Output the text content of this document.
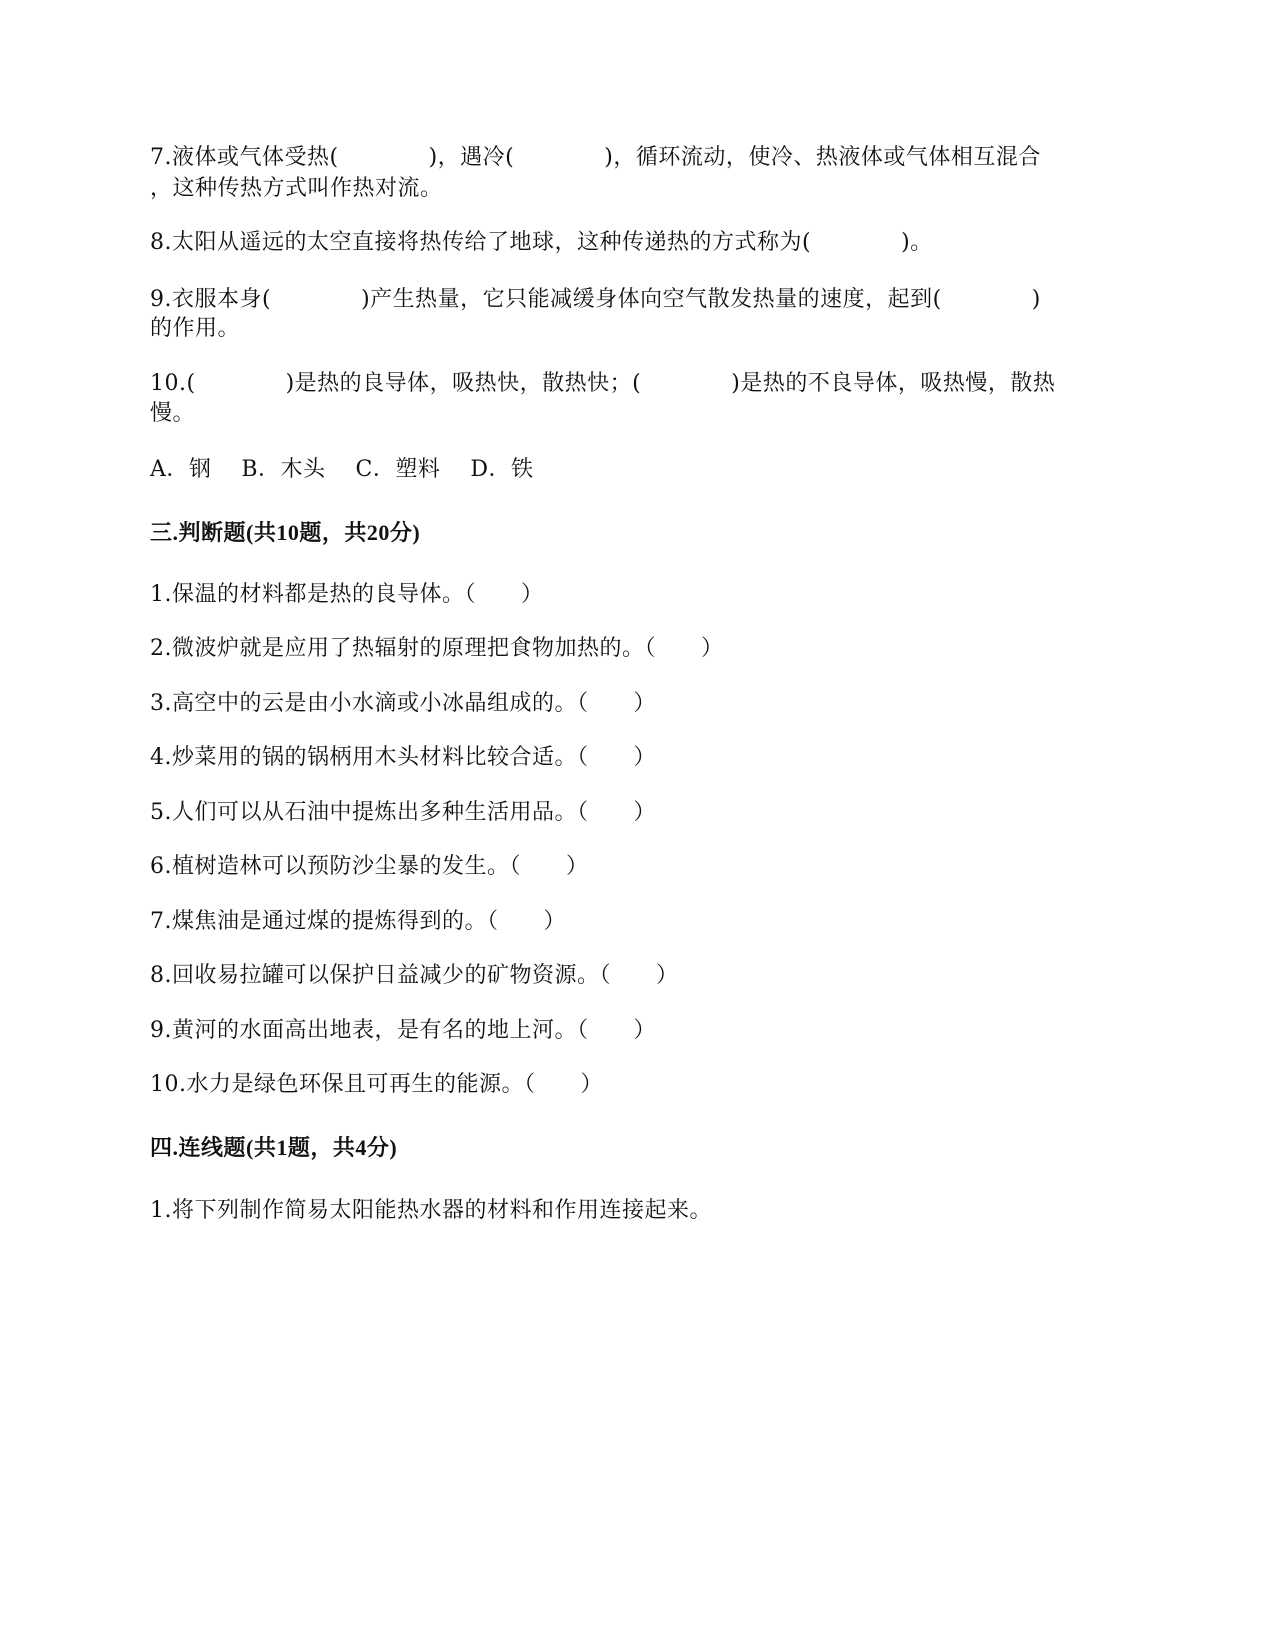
7.液体或气体受热(　　　　)，遇冷(　　　　)，循环流动，使冷、热液体或气体相互混合
，这种传热方式叫作热对流。
8.太阳从遥远的太空直接将热传给了地球，这种传递热的方式称为(　　　　)。
9.衣服本身(　　　　)产生热量，它只能减缓身体向空气散发热量的速度，起到(　　　　)
的作用。
10.(　　　　)是热的良导体，吸热快，散热快；(　　　　)是热的不良导体，吸热慢，散热
慢。
A．钢　 B．木头　 C．塑料　 D．铁
三.判断题(共10题，共20分)
1.保温的材料都是热的良导体。（　　）
2.微波炉就是应用了热辐射的原理把食物加热的。（　　）
3.高空中的云是由小水滴或小冰晶组成的。（　　）
4.炒菜用的锅的锅柄用木头材料比较合适。（　　）
5.人们可以从石油中提炼出多种生活用品。（　　）
6.植树造林可以预防沙尘暴的发生。（　　）
7.煤焦油是通过煤的提炼得到的。（　　）
8.回收易拉罐可以保护日益减少的矿物资源。（　　）
9.黄河的水面高出地表，是有名的地上河。（　　）
10.水力是绿色环保且可再生的能源。（　　）
四.连线题(共1题，共4分)
1.将下列制作简易太阳能热水器的材料和作用连接起来。
